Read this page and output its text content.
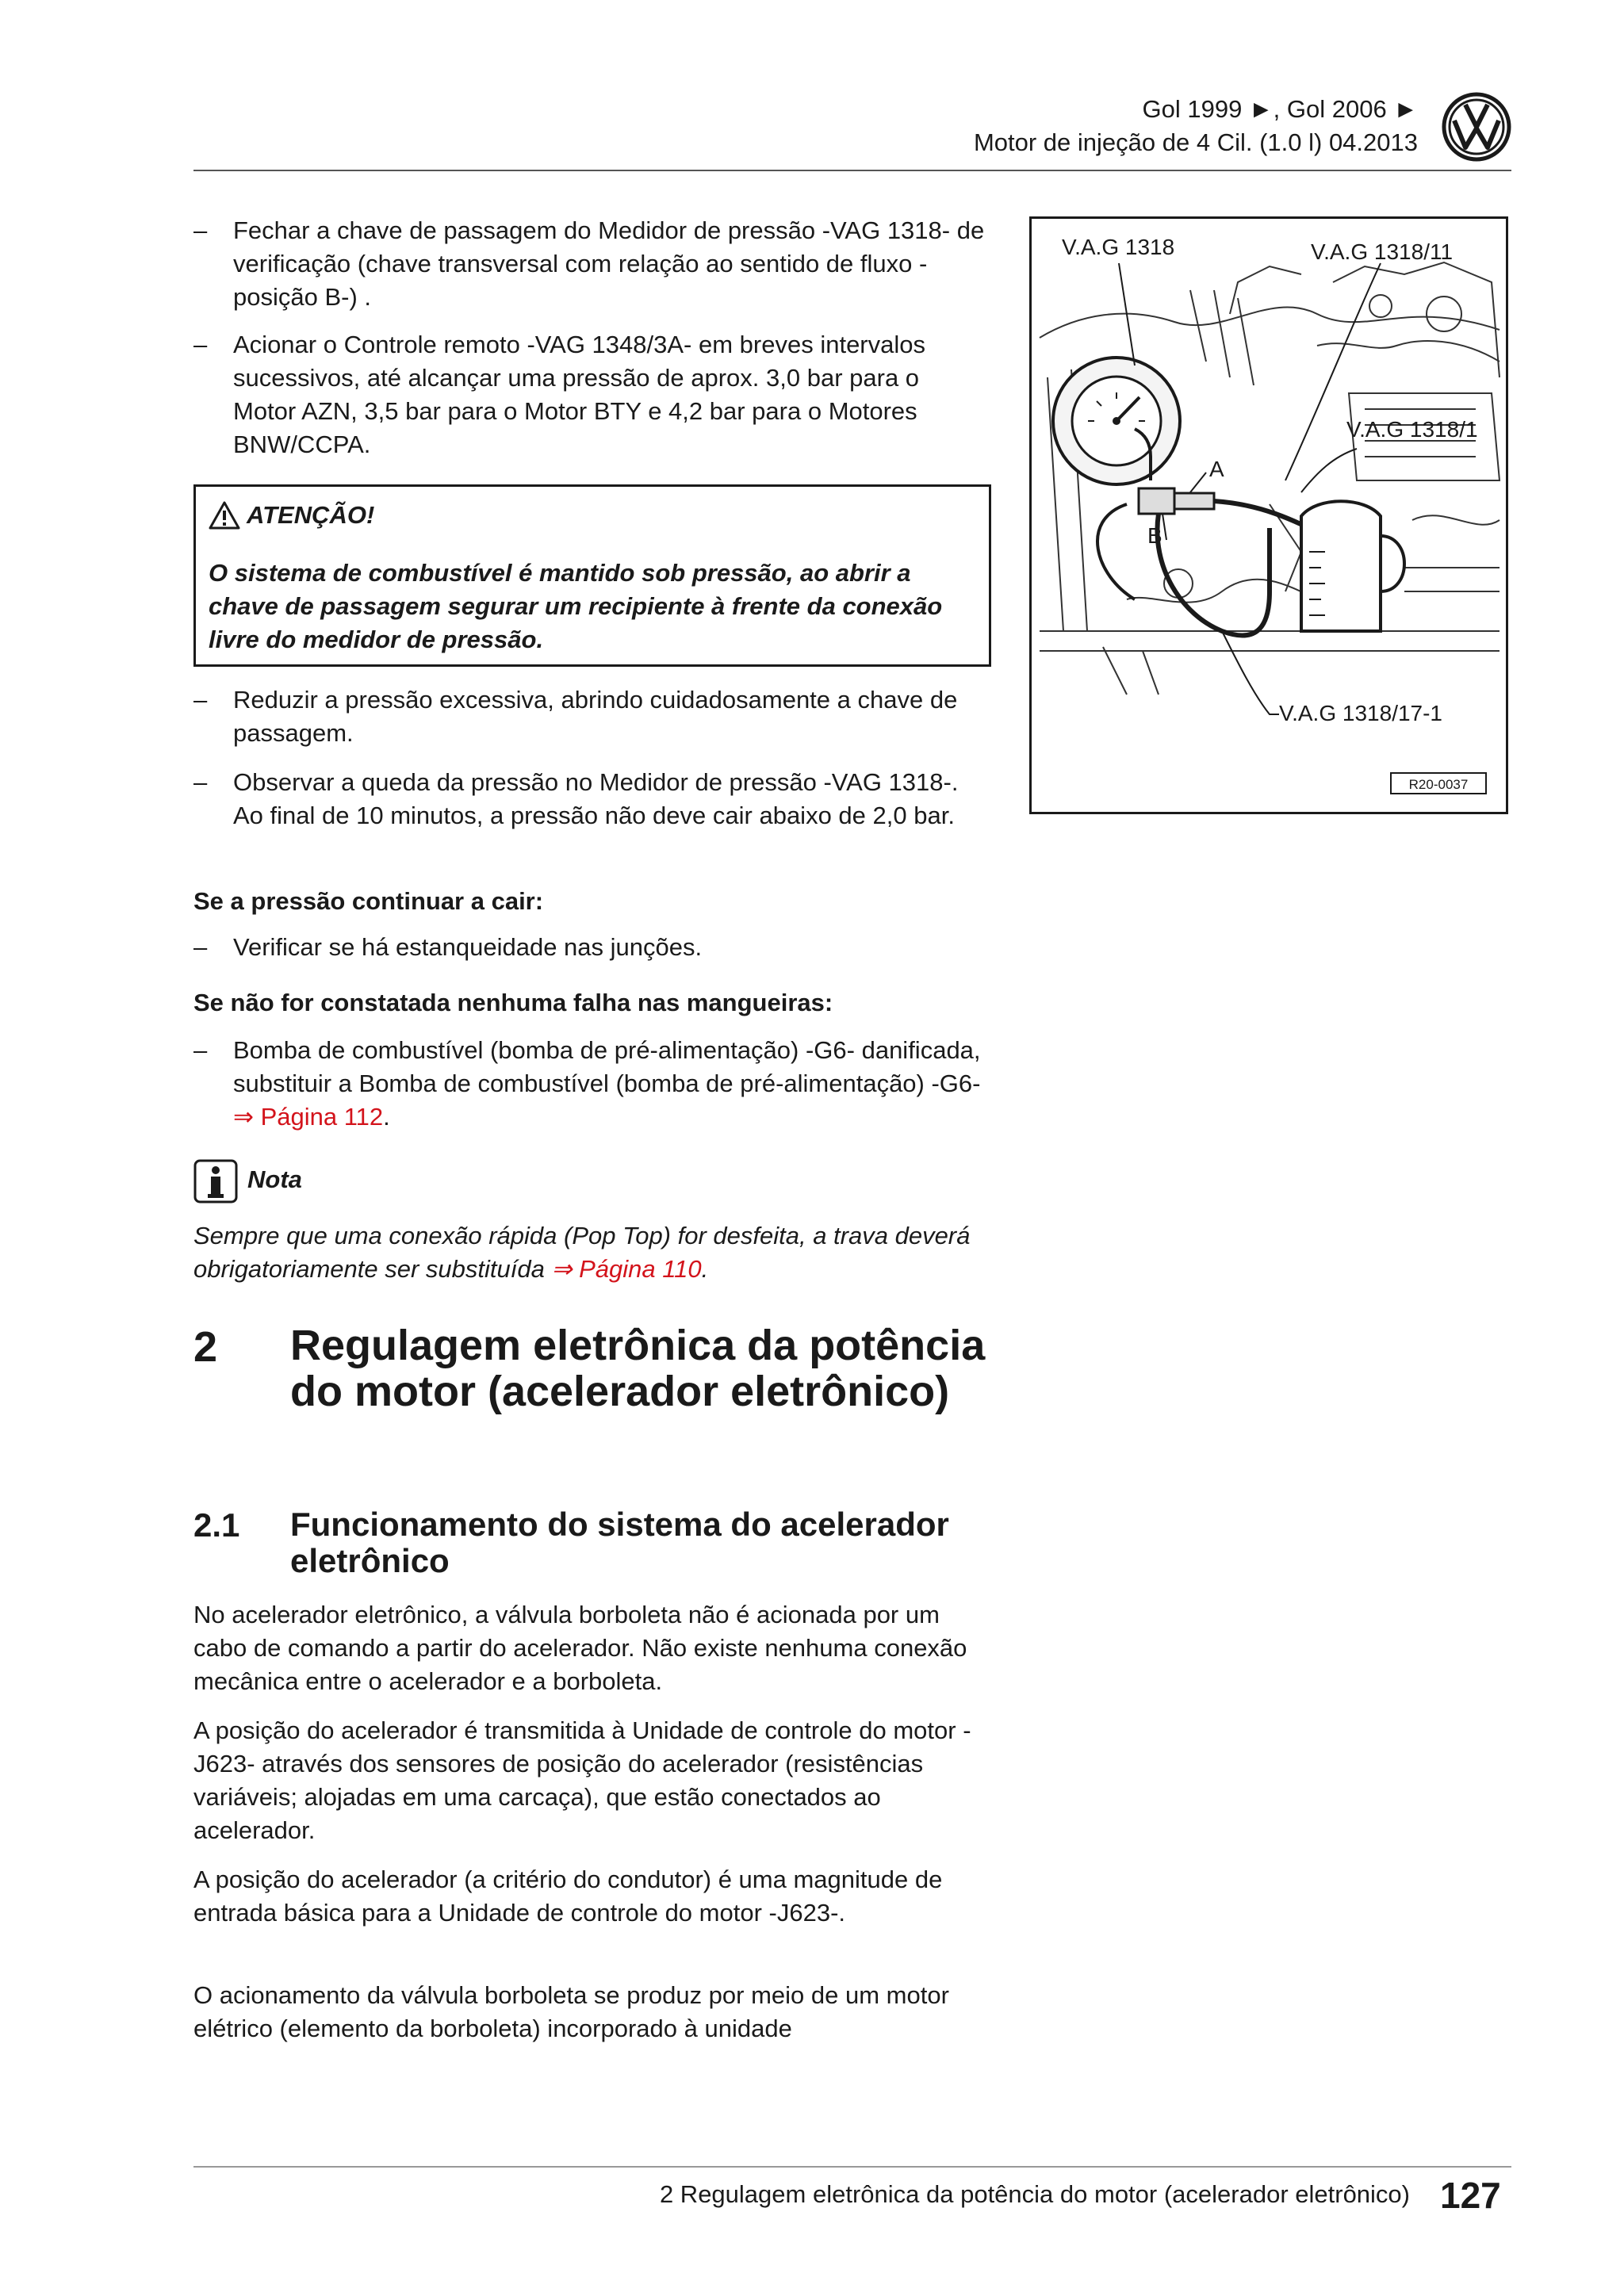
Gol 1999 ►, Gol 2006 ►
Motor de injeção de 4 Cil. (1.0 l) 04.2013
–	Fechar a chave de passagem do Medidor de pressão -VAG 1318- de verificação (chave transversal com relação ao sentido de fluxo -posição B-) .
–	Acionar o Controle remoto -VAG 1348/3A- em breves intervalos sucessivos, até alcançar uma pressão de aprox. 3,0 bar para o Motor AZN, 3,5 bar para o Motor BTY e 4,2 bar para o Motores BNW/CCPA.
ATENÇÃO!
O sistema de combustível é mantido sob pressão, ao abrir a chave de passagem segurar um recipiente à frente da conexão livre do medidor de pressão.
–	Reduzir a pressão excessiva, abrindo cuidadosamente a chave de passagem.
–	Observar a queda da pressão no Medidor de pressão -VAG 1318-. Ao final de 10 minutos, a pressão não deve cair abaixo de 2,0 bar.
Se a pressão continuar a cair:
–	Verificar se há estanqueidade nas junções.
Se não for constatada nenhuma falha nas mangueiras:
–	Bomba de combustível (bomba de pré-alimentação) -G6- danificada, substituir a Bomba de combustível (bomba de pré-alimentação) -G6- ⇒ Página 112.
Nota
Sempre que uma conexão rápida (Pop Top) for desfeita, a trava deverá obrigatoriamente ser substituída ⇒ Página 110.
2 Regulagem eletrônica da potência do motor (acelerador eletrônico)
2.1 Funcionamento do sistema do acelerador eletrônico
No acelerador eletrônico, a válvula borboleta não é acionada por um cabo de comando a partir do acelerador. Não existe nenhuma conexão mecânica entre o acelerador e a borboleta.
A posição do acelerador é transmitida à Unidade de controle do motor -J623- através dos sensores de posição do acelerador (resistências variáveis; alojadas em uma carcaça), que estão conectados ao acelerador.
A posição do acelerador (a critério do condutor) é uma magnitude de entrada básica para a Unidade de controle do motor -J623-.
O acionamento da válvula borboleta se produz por meio de um motor elétrico (elemento da borboleta) incorporado à unidade
V.A.G 1318	V.A.G 1318/11
V.A.G 1318/1
A
B
V.A.G 1318/17-1
R20-0037
2 Regulagem eletrônica da potência do motor (acelerador eletrônico) 127
